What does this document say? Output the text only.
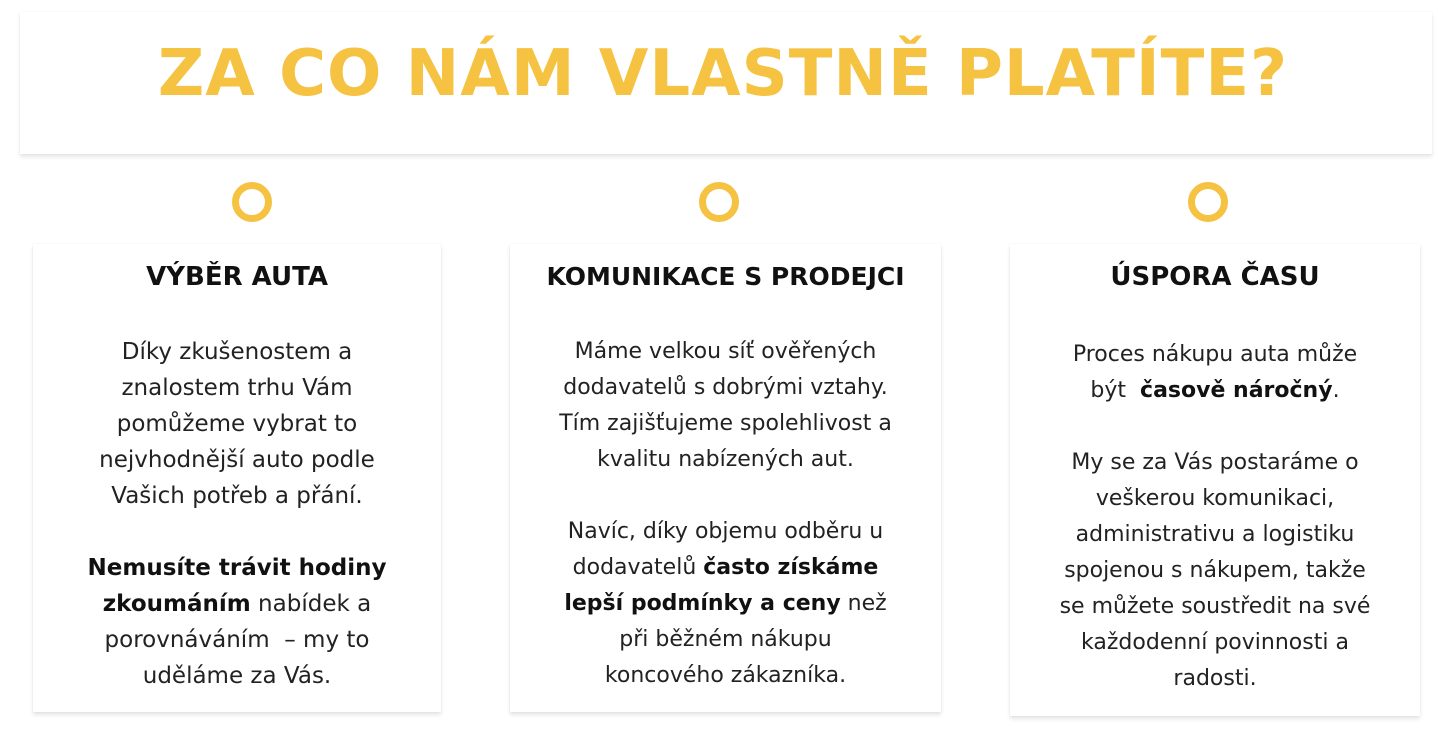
ZA CO NÁM VLASTNĚ PLATÍTE?
VÝBĚR AUTA

Díky zkušenostem a
znalostem trhu Vám
pomůžeme vybrat to
nejvhodnější auto podle
Vašich potřeb a přání.
Nemusíte trávit hodiny
zkoumáním nabídek a
porovnáváním  – my to
uděláme za Vás.

KOMUNIKACE S PRODEJCI

Máme velkou síť ověřených
dodavatelů s dobrými vztahy.
Tím zajišťujeme spolehlivost a
kvalitu nabízených aut.
Navíc, díky objemu odběru u
dodavatelů často získáme
lepší podmínky a ceny než
při běžném nákupu
koncového zákazníka.

ÚSPORA ČASU

Proces nákupu auta může
být  časově náročný.
My se za Vás postaráme o
veškerou komunikaci,
administrativu a logistiku
spojenou s nákupem, takže
se můžete soustředit na své
každodenní povinnosti a
radosti.
